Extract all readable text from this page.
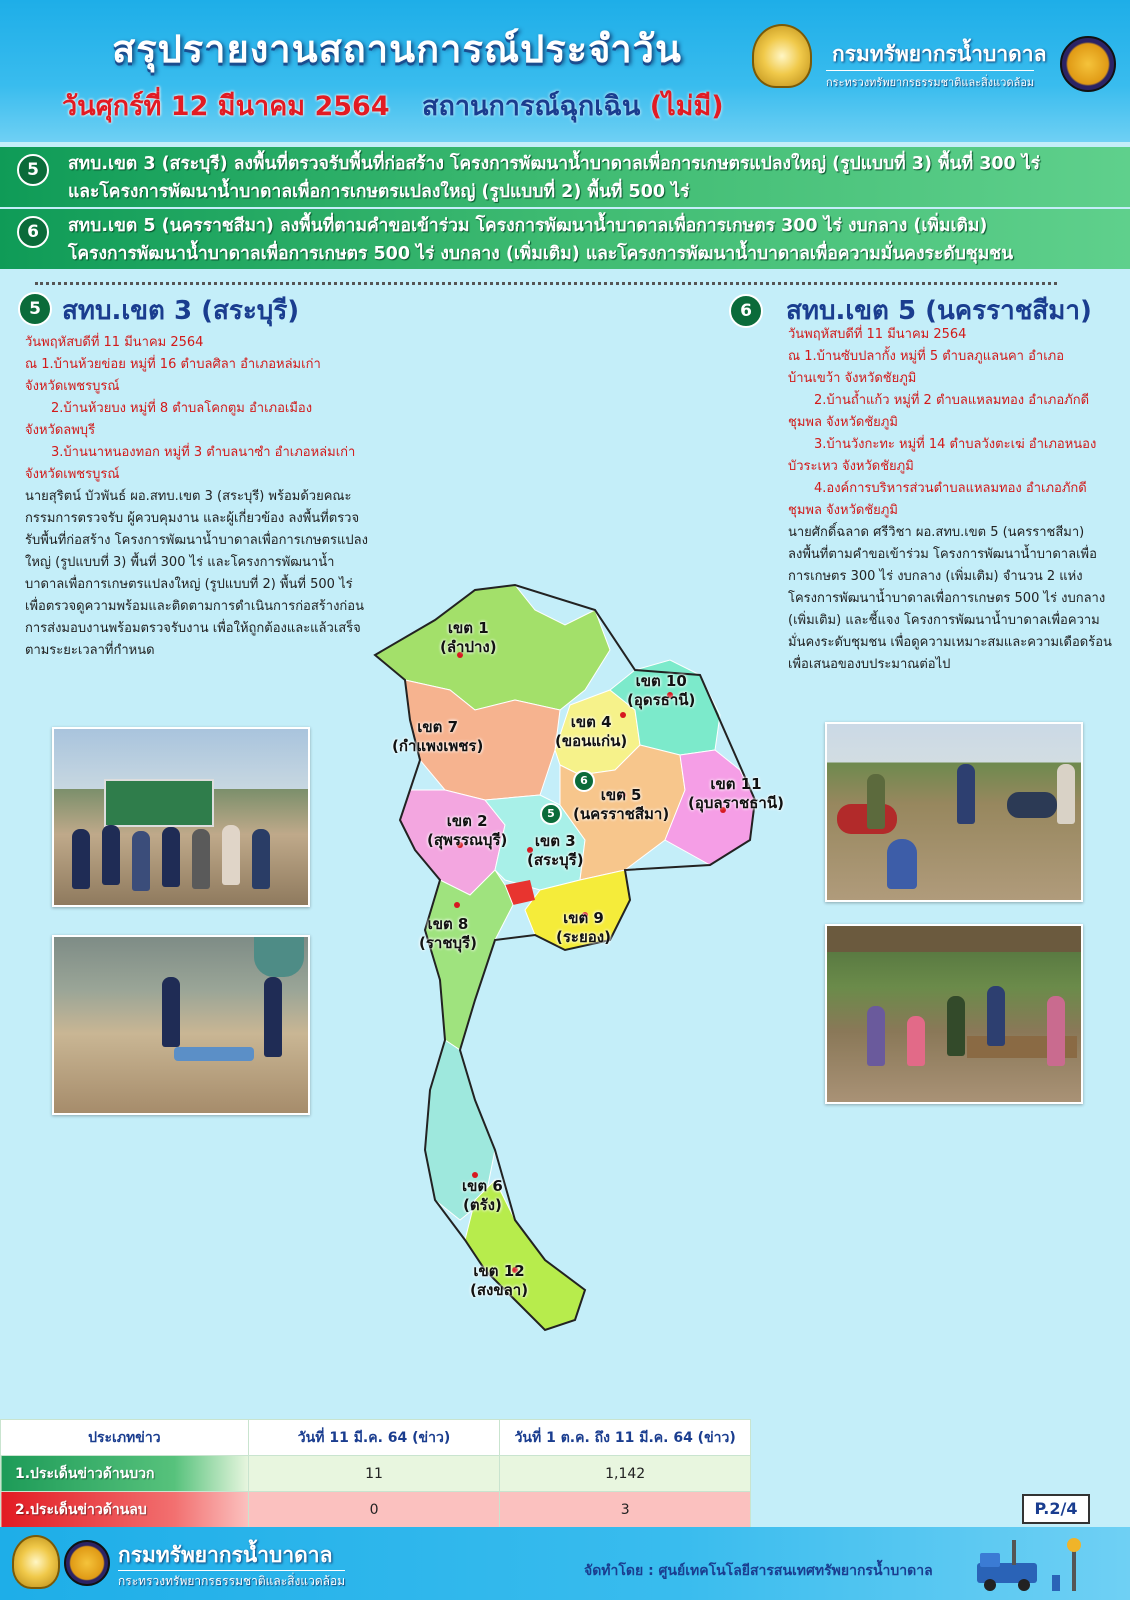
สรุปรายงานสถานการณ์ประจำวัน
วันศุกร์ที่ 12 มีนาคม 2564 สถานการณ์ฉุกเฉิน (ไม่มี)
กรมทรัพยากรน้ำบาดาล
กระทรวงทรัพยากรธรรมชาติและสิ่งแวดล้อม
สทบ.เขต 3 (สระบุรี) ลงพื้นที่ตรวจรับพื้นที่ก่อสร้าง โครงการพัฒนาน้ำบาดาลเพื่อการเกษตรแปลงใหญ่ (รูปแบบที่ 3) พื้นที่ 300 ไร่
และโครงการพัฒนาน้ำบาดาลเพื่อการเกษตรแปลงใหญ่ (รูปแบบที่ 2) พื้นที่ 500 ไร่
5
สทบ.เขต 5 (นครราชสีมา) ลงพื้นที่ตามคำขอเข้าร่วม โครงการพัฒนาน้ำบาดาลเพื่อการเกษตร 300 ไร่ งบกลาง (เพิ่มเติม)
โครงการพัฒนาน้ำบาดาลเพื่อการเกษตร 500 ไร่ งบกลาง (เพิ่มเติม) และโครงการพัฒนาน้ำบาดาลเพื่อความมั่นคงระดับชุมชน
6
5 สทบ.เขต 3 (สระบุรี)
วันพฤหัสบดีที่ 11 มีนาคม 2564
ณ 1.บ้านห้วยข่อย หมู่ที่ 16 ตำบลศิลา อำเภอหล่มเก่า
จังหวัดเพชรบูรณ์
2.บ้านห้วยบง หมู่ที่ 8 ตำบลโคกตูม อำเภอเมือง
จังหวัดลพบุรี
3.บ้านนาหนองทอก หมู่ที่ 3 ตำบลนาซำ อำเภอหล่มเก่า
จังหวัดเพชรบูรณ์
นายสุริตน์ บัวพันธ์ ผอ.สทบ.เขต 3 (สระบุรี) พร้อมด้วยคณะกรรมการตรวจรับ ผู้ควบคุมงาน และผู้เกี่ยวข้อง ลงพื้นที่ตรวจรับพื้นที่ก่อสร้าง โครงการพัฒนาน้ำบาดาลเพื่อการเกษตรแปลงใหญ่ (รูปแบบที่ 3) พื้นที่ 300 ไร่ และโครงการพัฒนาน้ำบาดาลเพื่อการเกษตรแปลงใหญ่ (รูปแบบที่ 2) พื้นที่ 500 ไร่ เพื่อตรวจดูความพร้อมและติดตามการดำเนินการก่อสร้างก่อนการส่งมอบงานพร้อมตรวจรับงาน เพื่อให้ถูกต้องและแล้วเสร็จตามระยะเวลาที่กำหนด
6	สทบ.เขต 5 (นครราชสีมา)
วันพฤหัสบดีที่ 11 มีนาคม 2564
ณ 1.บ้านซับปลากั้ง หมู่ที่ 5 ตำบลภูแลนคา อำเภอ
บ้านเขว้า จังหวัดชัยภูมิ
2.บ้านถ้ำแก้ว หมู่ที่ 2 ตำบลแหลมทอง อำเภอภักดี
ชุมพล จังหวัดชัยภูมิ
3.บ้านวังกะทะ หมู่ที่ 14 ตำบลวังตะเฆ่ อำเภอหนอง
บัวระเหว จังหวัดชัยภูมิ
4.องค์การบริหารส่วนตำบลแหลมทอง อำเภอภักดี
ชุมพล จังหวัดชัยภูมิ
นายศักดิ์ฉลาด ศรีวิชา ผอ.สทบ.เขต 5 (นครราชสีมา) ลงพื้นที่ตามคำขอเข้าร่วม โครงการพัฒนาน้ำบาดาลเพื่อการเกษตร 300 ไร่ งบกลาง (เพิ่มเติม) จำนวน 2 แห่ง โครงการพัฒนาน้ำบาดาลเพื่อการเกษตร 500 ไร่ งบกลาง (เพิ่มเติม) และชี้แจง โครงการพัฒนาน้ำบาดาลเพื่อความมั่นคงระดับชุมชน เพื่อดูความเหมาะสมและความเดือดร้อนเพื่อเสนอของบประมาณต่อไป
เขต 1
(ลำปาง)
เขต 7
(กำแพงเพชร)
เขต 2
(สุพรรณบุรี)	เขต 3
(สระบุรี)
เขต 4
(ขอนแก่น)
เขต 10
(อุดรธานี)
เขต 5
(นครราชสีมา)
เขต 11
(อุบลราชธานี)
เขต 8
(ราชบุรี)
เขต 9
(ระยอง)
เขต 6
(ตรัง)
เขต 12
(สงขลา)
5
6
ประเภทข่าว	วันที่ 11 มี.ค. 64 (ข่าว)	วันที่ 1 ต.ค. ถึง 11 มี.ค. 64 (ข่าว)
1.ประเด็นข่าวด้านบวก	11	1,142
2.ประเด็นข่าวด้านลบ	0	3	P.2/4
กรมทรัพยากรน้ำบาดาล
กระทรวงทรัพยากรธรรมชาติและสิ่งแวดล้อม
จัดทำโดย : ศูนย์เทคโนโลยีสารสนเทศทรัพยากรน้ำบาดาล
